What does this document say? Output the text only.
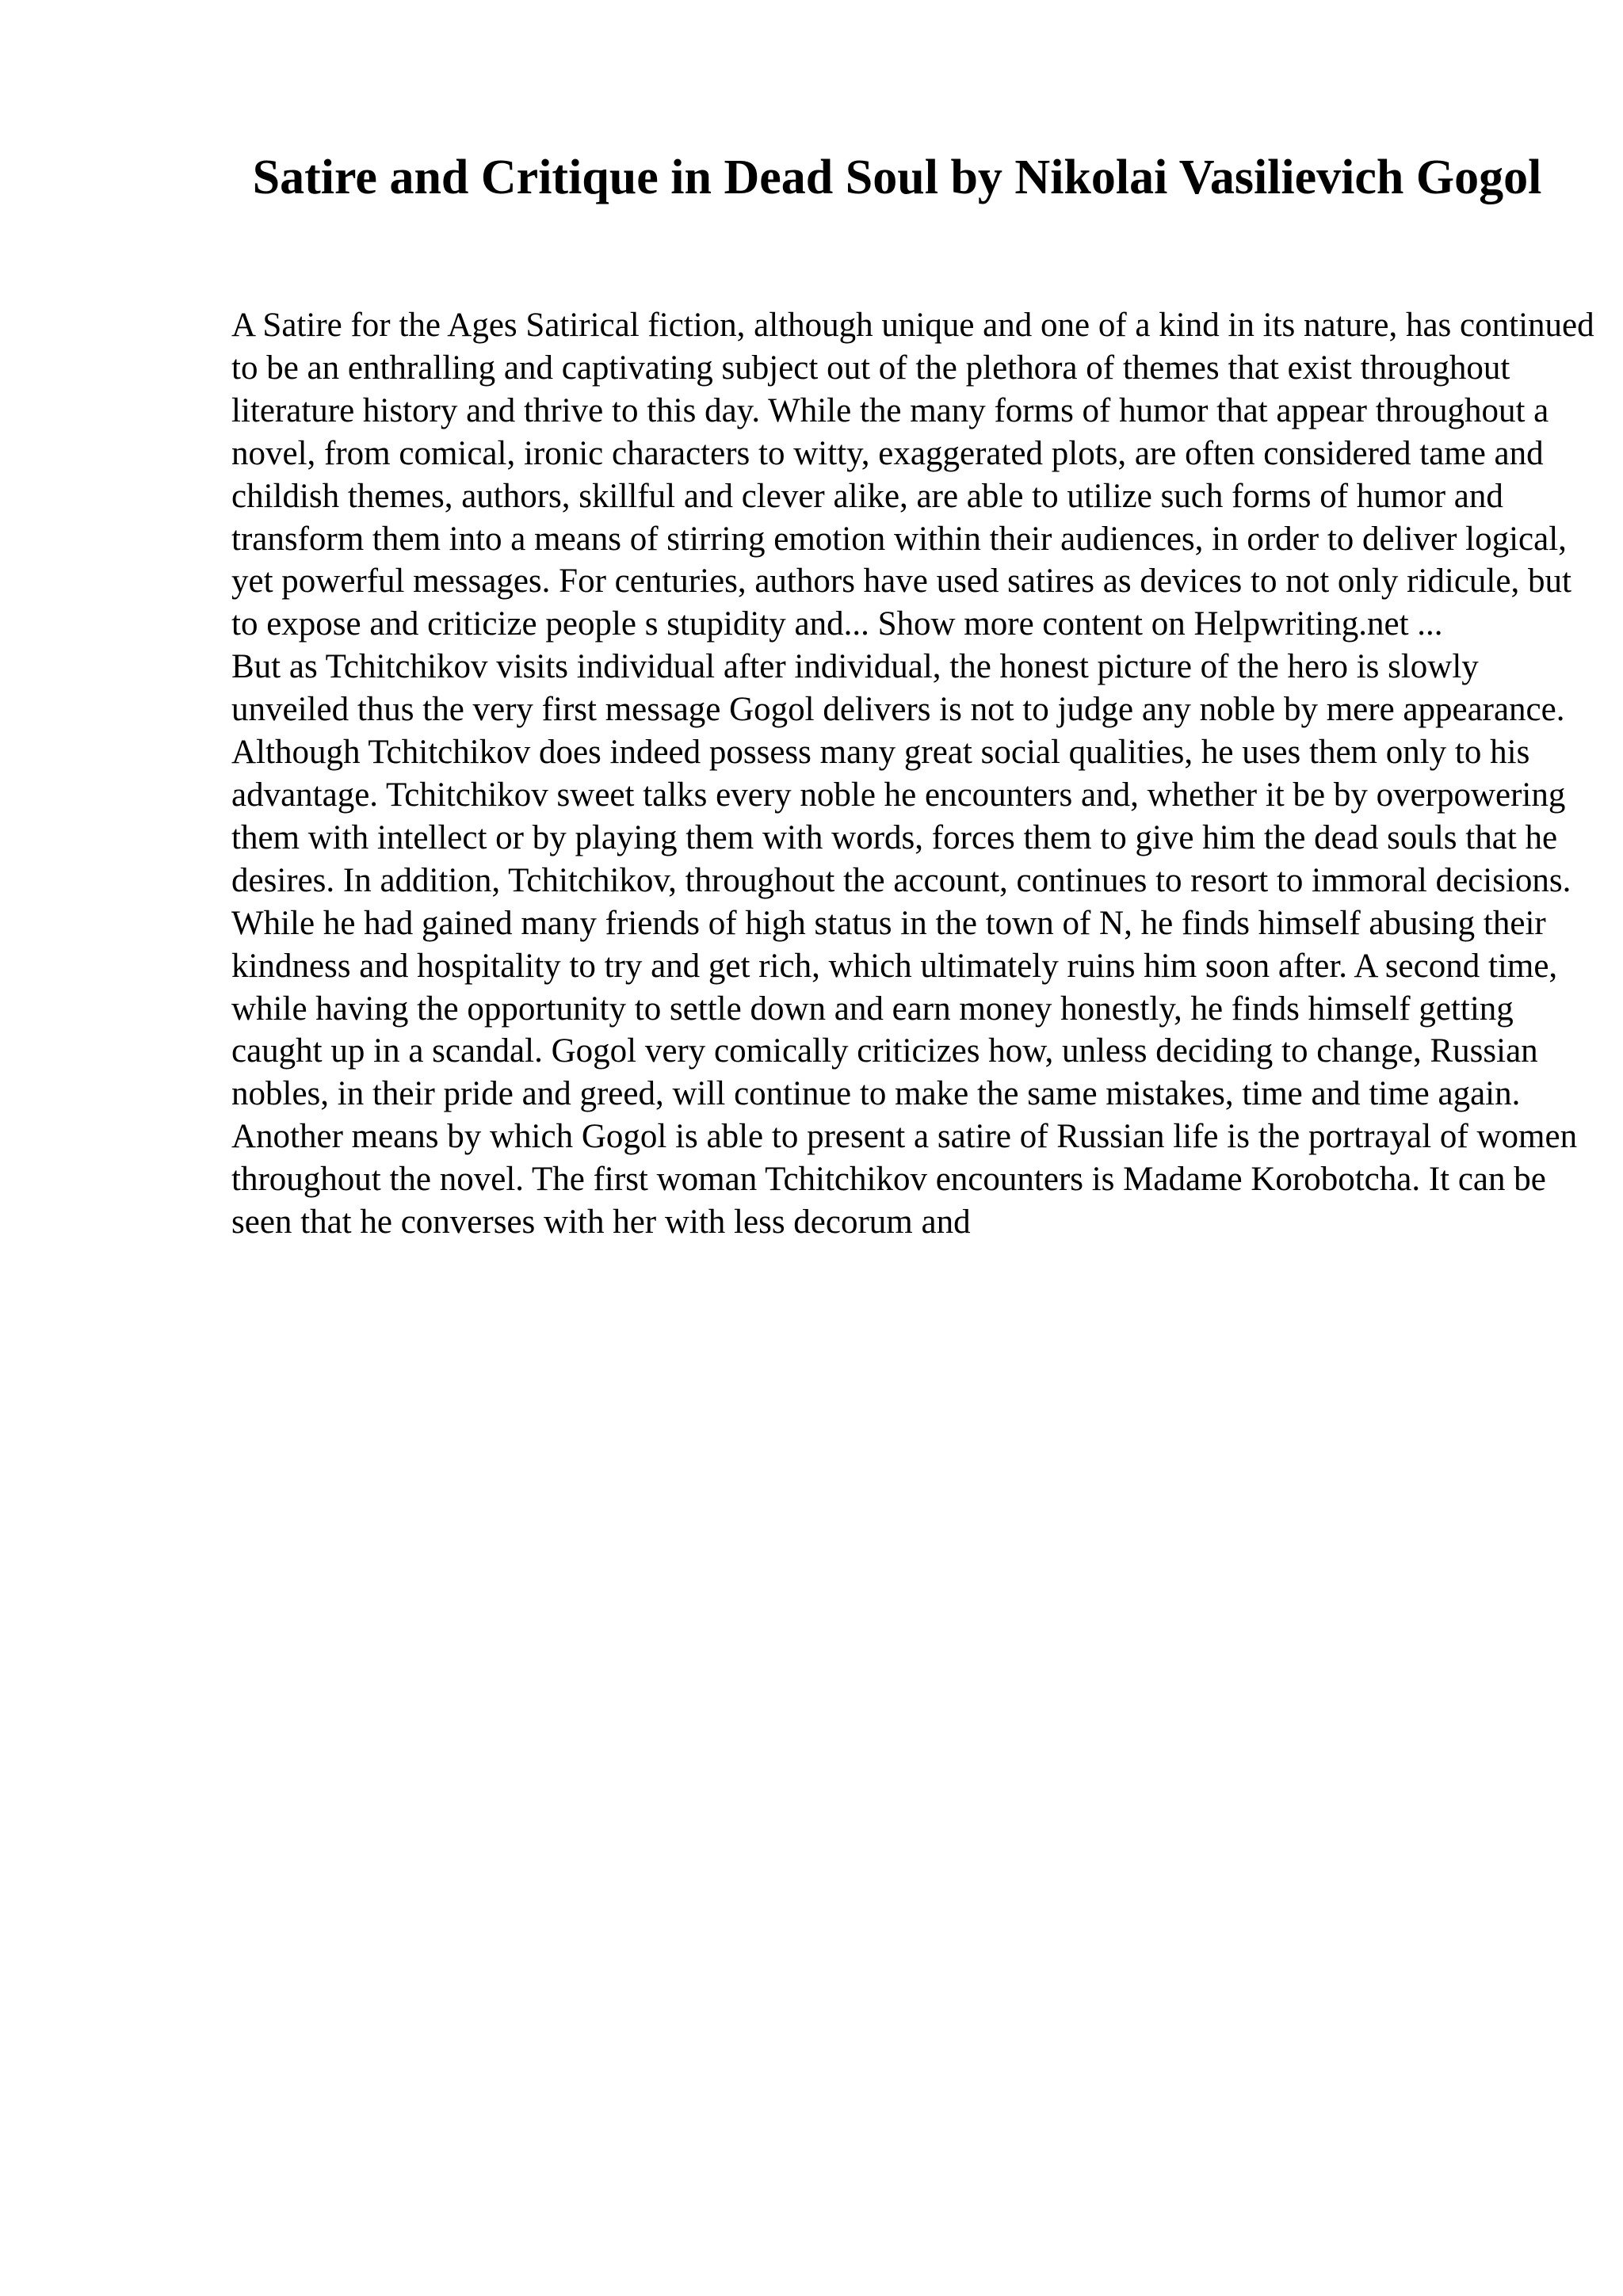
Satire and Critique in Dead Soul by Nikolai Vasilievich Gogol

A Satire for the Ages Satirical fiction, although unique and one of a kind in its nature, has continued to be an enthralling and captivating subject out of the plethora of themes that exist throughout literature history and thrive to this day. While the many forms of humor that appear throughout a novel, from comical, ironic characters to witty, exaggerated plots, are often considered tame and childish themes, authors, skillful and clever alike, are able to utilize such forms of humor and transform them into a means of stirring emotion within their audiences, in order to deliver logical, yet powerful messages. For centuries, authors have used satires as devices to not only ridicule, but to expose and criticize people s stupidity and... Show more content on Helpwriting.net ...

But as Tchitchikov visits individual after individual, the honest picture of the hero is slowly unveiled thus the very first message Gogol delivers is not to judge any noble by mere appearance. Although Tchitchikov does indeed possess many great social qualities, he uses them only to his advantage. Tchitchikov sweet talks every noble he encounters and, whether it be by overpowering them with intellect or by playing them with words, forces them to give him the dead souls that he desires. In addition, Tchitchikov, throughout the account, continues to resort to immoral decisions. While he had gained many friends of high status in the town of N, he finds himself abusing their kindness and hospitality to try and get rich, which ultimately ruins him soon after. A second time, while having the opportunity to settle down and earn money honestly, he finds himself getting caught up in a scandal. Gogol very comically criticizes how, unless deciding to change, Russian nobles, in their pride and greed, will continue to make the same mistakes, time and time again. Another means by which Gogol is able to present a satire of Russian life is the portrayal of women throughout the novel. The first woman Tchitchikov encounters is Madame Korobotcha. It can be seen that he converses with her with less decorum and
